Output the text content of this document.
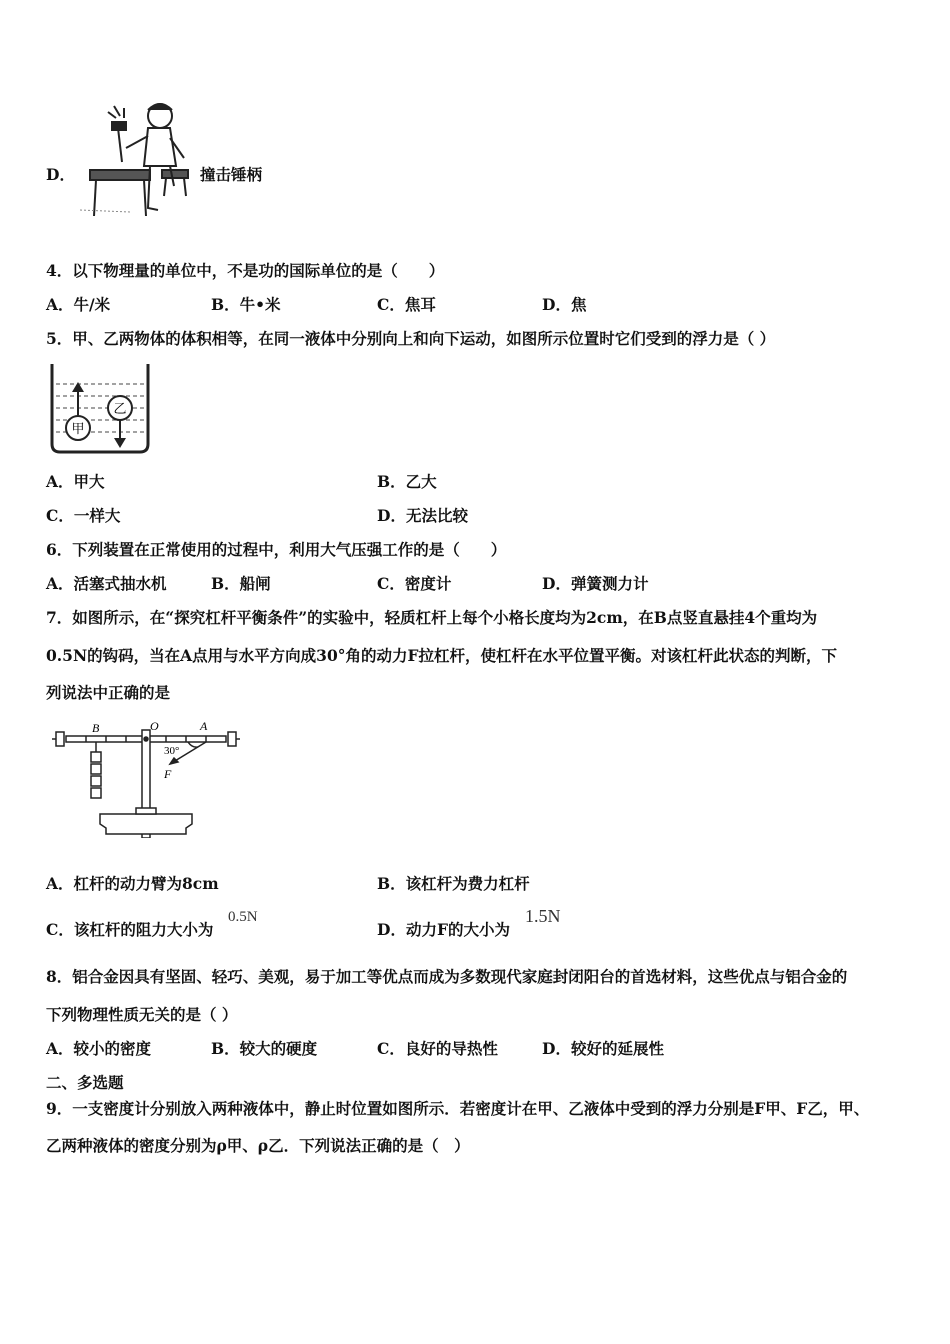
D．	撞击锤柄
4．以下物理量的单位中，不是功的国际单位的是（　　）
A．牛/米	B．牛•米	C．焦耳	D．焦
5．甲、乙两物体的体积相等，在同一液体中分别向上和向下运动，如图所示位置时它们受到的浮力是（ ）
甲
乙
A．甲大	B．乙大
C．一样大	D．无法比较
6．下列装置在正常使用的过程中，利用大气压强工作的是（　　）
A．活塞式抽水机	B．船闸	C．密度计	D．弹簧测力计
7．如图所示，在“探究杠杆平衡条件”的实验中，轻质杠杆上每个小格长度均为2cm，在B点竖直悬挂4个重均为
0.5N的钩码，当在A点用与水平方向成30°角的动力F拉杠杆，使杠杆在水平位置平衡。对该杠杆此状态的判断，下
列说法中正确的是
B	O	A
30°
F
A．杠杆的动力臂为8cm	B．该杠杆为费力杠杆
C．该杠杆的阻力大小为
0.5N
D．动力F的大小为
1.5N
8．铝合金因具有坚固、轻巧、美观，易于加工等优点而成为多数现代家庭封闭阳台的首选材料，这些优点与铝合金的
下列物理性质无关的是（ ）
A．较小的密度	B．较大的硬度	C．良好的导热性	D．较好的延展性
二、多选题
9．一支密度计分别放入两种液体中，静止时位置如图所示．若密度计在甲、乙液体中受到的浮力分别是F甲、F乙，甲、
乙两种液体的密度分别为ρ甲、ρ乙．下列说法正确的是（　）
